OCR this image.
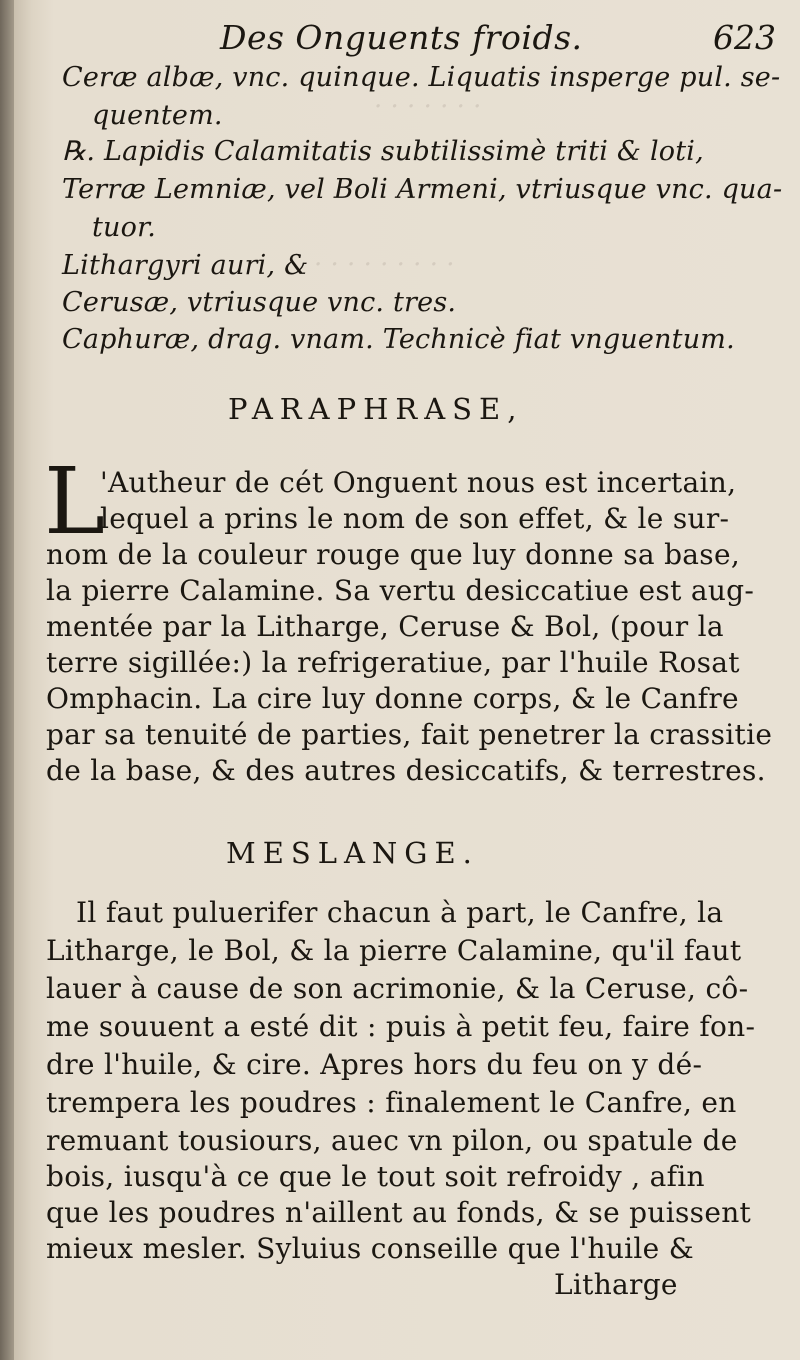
· · · · · · ·
· · · · · · · · ·
Des Onguents froids.	623
Ceræ albæ, vnc. quinque. Liquatis insperge pul. se-
quentem.
℞. Lapidis Calamitatis subtilissimè triti & loti,
Terræ Lemniæ, vel Boli Armeni, vtriusque vnc. qua-
tuor.
Lithargyri auri, &
Cerusæ, vtriusque vnc. tres.
Caphuræ, drag. vnam. Technicè fiat vnguentum.
PARAPHRASE,
L
'Autheur de cét Onguent nous est incertain,
lequel a prins le nom de son effet, & le sur-
nom de la couleur rouge que luy donne sa base,
la pierre Calamine. Sa vertu desiccatiue est aug-
mentée par la Litharge, Ceruse & Bol, (pour la
terre sigillée:) la refrigeratiue, par l'huile Rosat
Omphacin. La cire luy donne corps, & le Canfre
par sa tenuité de parties, fait penetrer la crassitie
de la base, & des autres desiccatifs, & terrestres.
MESLANGE.
Il faut puluerifer chacun à part, le Canfre, la
Litharge, le Bol, & la pierre Calamine, qu'il faut
lauer à cause de son acrimonie, & la Ceruse, cô-
me souuent a esté dit : puis à petit feu, faire fon-
dre l'huile, & cire. Apres hors du feu on y dé-
trempera les poudres : finalement le Canfre, en
remuant tousiours, auec vn pilon, ou spatule de
bois, iusqu'à ce que le tout soit refroidy , afin
que les poudres n'aillent au fonds, & se puissent
mieux mesler. Syluius conseille que l'huile &
Litharge
